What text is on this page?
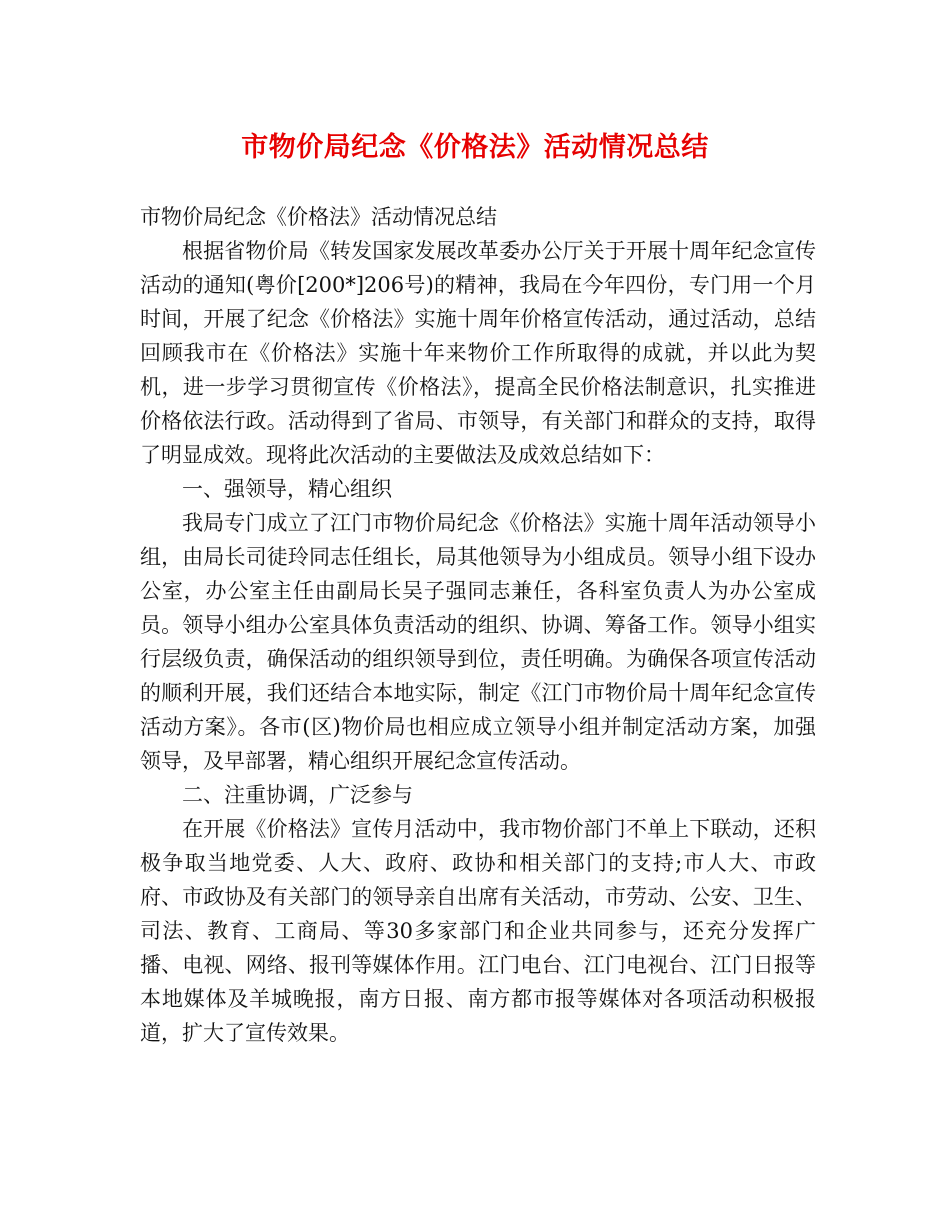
市物价局纪念《价格法》活动情况总结

市物价局纪念《价格法》活动情况总结

根据省物价局《转发国家发展改革委办公厅关于开展十周年纪念宣传活动的通知(粤价[200*]206号)的精神，我局在今年四份，专门用一个月时间，开展了纪念《价格法》实施十周年价格宣传活动，通过活动，总结回顾我市在《价格法》实施十年来物价工作所取得的成就，并以此为契机，进一步学习贯彻宣传《价格法》，提高全民价格法制意识，扎实推进价格依法行政。活动得到了省局、市领导，有关部门和群众的支持，取得了明显成效。现将此次活动的主要做法及成效总结如下：

一、强领导，精心组织

我局专门成立了江门市物价局纪念《价格法》实施十周年活动领导小组，由局长司徒玲同志任组长，局其他领导为小组成员。领导小组下设办公室，办公室主任由副局长吴子强同志兼任，各科室负责人为办公室成员。领导小组办公室具体负责活动的组织、协调、筹备工作。领导小组实行层级负责，确保活动的组织领导到位，责任明确。为确保各项宣传活动的顺利开展，我们还结合本地实际，制定《江门市物价局十周年纪念宣传活动方案》。各市(区)物价局也相应成立领导小组并制定活动方案，加强领导，及早部署，精心组织开展纪念宣传活动。

二、注重协调，广泛参与

在开展《价格法》宣传月活动中，我市物价部门不单上下联动，还积极争取当地党委、人大、政府、政协和相关部门的支持;市人大、市政府、市政协及有关部门的领导亲自出席有关活动，市劳动、公安、卫生、司法、教育、工商局、等30多家部门和企业共同参与，还充分发挥广播、电视、网络、报刊等媒体作用。江门电台、江门电视台、江门日报等本地媒体及羊城晚报，南方日报、南方都市报等媒体对各项活动积极报道，扩大了宣传效果。
